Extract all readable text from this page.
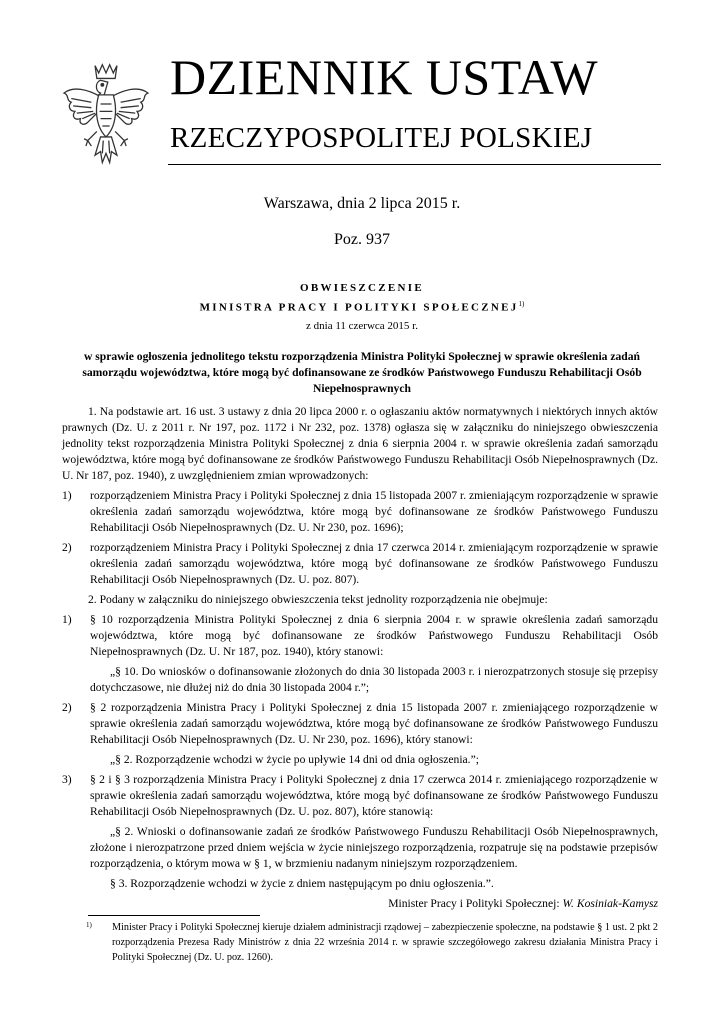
DZIENNIK USTAW
RZECZYPOSPOLITEJ POLSKIEJ
Warszawa, dnia 2 lipca 2015 r.
Poz. 937
OBWIESZCZENIE
MINISTRA PRACY I POLITYKI SPOŁECZNEJ$^{1)}$
z dnia 11 czerwca 2015 r.
w sprawie ogłoszenia jednolitego tekstu rozporządzenia Ministra Polityki Społecznej w sprawie określenia zadań samorządu województwa, które mogą być dofinansowane ze środków Państwowego Funduszu Rehabilitacji Osób Niepełnosprawnych

1. Na podstawie art. 16 ust. 3 ustawy z dnia 20 lipca 2000 r. o ogłaszaniu aktów normatywnych i niektórych innych aktów prawnych (Dz. U. z 2011 r. Nr 197, poz. 1172 i Nr 232, poz. 1378) ogłasza się w załączniku do niniejszego obwieszczenia jednolity tekst rozporządzenia Ministra Polityki Społecznej z dnia 6 sierpnia 2004 r. w sprawie określenia zadań samorządu województwa, które mogą być dofinansowane ze środków Państwowego Funduszu Rehabilitacji Osób Niepełnosprawnych (Dz. U. Nr 187, poz. 1940), z uwzględnieniem zmian wprowadzonych:

1) rozporządzeniem Ministra Pracy i Polityki Społecznej z dnia 15 listopada 2007 r. zmieniającym rozporządzenie w sprawie określenia zadań samorządu województwa, które mogą być dofinansowane ze środków Państwowego Funduszu Rehabilitacji Osób Niepełnosprawnych (Dz. U. Nr 230, poz. 1696);

2) rozporządzeniem Ministra Pracy i Polityki Społecznej z dnia 17 czerwca 2014 r. zmieniającym rozporządzenie w sprawie określenia zadań samorządu województwa, które mogą być dofinansowane ze środków Państwowego Funduszu Rehabilitacji Osób Niepełnosprawnych (Dz. U. poz. 807).

2. Podany w załączniku do niniejszego obwieszczenia tekst jednolity rozporządzenia nie obejmuje:

1) § 10 rozporządzenia Ministra Polityki Społecznej z dnia 6 sierpnia 2004 r. w sprawie określenia zadań samorządu województwa, które mogą być dofinansowane ze środków Państwowego Funduszu Rehabilitacji Osób Niepełnosprawnych (Dz. U. Nr 187, poz. 1940), który stanowi:

„§ 10. Do wniosków o dofinansowanie złożonych do dnia 30 listopada 2003 r. i nierozpatrzonych stosuje się przepisy dotychczasowe, nie dłużej niż do dnia 30 listopada 2004 r.”;

2) § 2 rozporządzenia Ministra Pracy i Polityki Społecznej z dnia 15 listopada 2007 r. zmieniającego rozporządzenie w sprawie określenia zadań samorządu województwa, które mogą być dofinansowane ze środków Państwowego Funduszu Rehabilitacji Osób Niepełnosprawnych (Dz. U. Nr 230, poz. 1696), który stanowi:

„§ 2. Rozporządzenie wchodzi w życie po upływie 14 dni od dnia ogłoszenia.”;

3) § 2 i § 3 rozporządzenia Ministra Pracy i Polityki Społecznej z dnia 17 czerwca 2014 r. zmieniającego rozporządzenie w sprawie określenia zadań samorządu województwa, które mogą być dofinansowane ze środków Państwowego Funduszu Rehabilitacji Osób Niepełnosprawnych (Dz. U. poz. 807), które stanowią:

„§ 2. Wnioski o dofinansowanie zadań ze środków Państwowego Funduszu Rehabilitacji Osób Niepełnosprawnych, złożone i nierozpatrzone przed dniem wejścia w życie niniejszego rozporządzenia, rozpatruje się na podstawie przepisów rozporządzenia, o którym mowa w § 1, w brzmieniu nadanym niniejszym rozporządzeniem.

§ 3. Rozporządzenie wchodzi w życie z dniem następującym po dniu ogłoszenia.”.

Minister Pracy i Polityki Społecznej: W. Kosiniak-Kamysz

1)	Minister Pracy i Polityki Społecznej kieruje działem administracji rządowej – zabezpieczenie społeczne, na podstawie § 1 ust. 2 pkt 2 rozporządzenia Prezesa Rady Ministrów z dnia 22 września 2014 r. w sprawie szczegółowego zakresu działania Ministra Pracy i Polityki Społecznej (Dz. U. poz. 1260).
